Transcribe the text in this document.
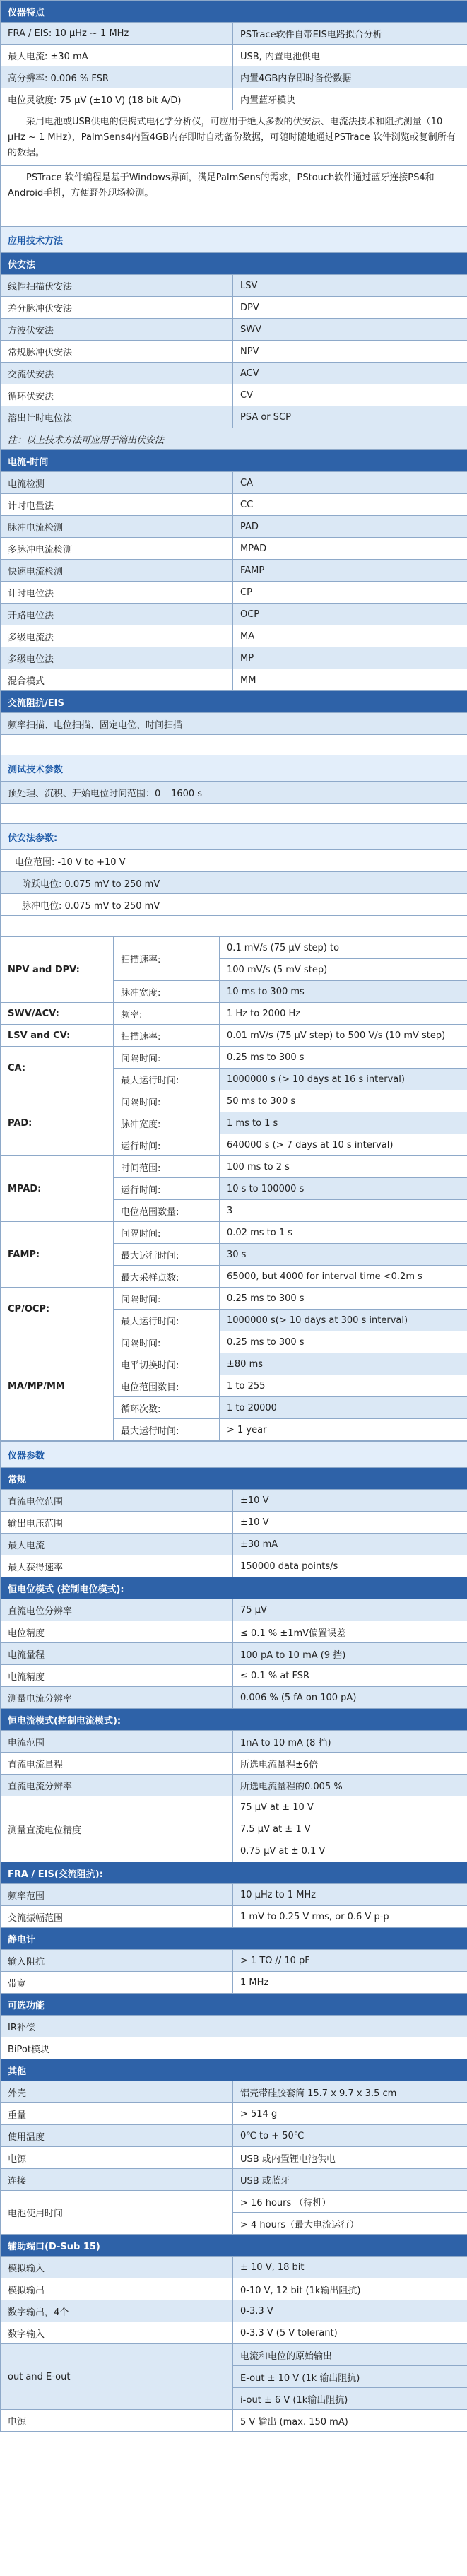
仪器特点	
FRA / EIS: 10 μHz ~ 1 MHz	PSTrace软件自带EIS电路拟合分析
最大电流: ±30 mA	USB, 内置电池供电
高分辨率: 0.006 % FSR	内置4GB内存即时备份数据
电位灵敏度: 75 μV (±10 V) (18 bit A/D)	内置蓝牙模块
采用电池或USB供电的便携式电化学分析仪，可应用于绝大多数的伏安法、电流法技术和阻抗测量（10 μHz ~ 1 MHz），PalmSens4内置4GB内存即时自动备份数据，可随时随地通过PSTrace 软件浏览或复制所有的数据。	
PSTrace 软件编程是基于Windows界面，满足PalmSens的需求，PStouch软件通过蓝牙连接PS4和Android手机，方便野外现场检测。	

应用技术方法	
伏安法	
线性扫描伏安法	LSV
差分脉冲伏安法	DPV
方波伏安法	SWV
常规脉冲伏安法	NPV
交流伏安法	ACV
循环伏安法	CV
溶出计时电位法	PSA or SCP
注：以上技术方法可应用于溶出伏安法	
电流-时间	
电流检测	CA
计时电量法	CC
脉冲电流检测	PAD
多脉冲电流检测	MPAD
快速电流检测	FAMP
计时电位法	CP
开路电位法	OCP
多级电流法	MA
多级电位法	MP
混合模式	MM
交流阻抗/EIS	
频率扫描、电位扫描、固定电位、时间扫描	

测试技术参数	
预处理、沉积、开始电位时间范围：0 – 1600 s	

伏安法参数:	
电位范围: -10 V to +10 V	
阶跃电位: 0.075 mV to 250 mV	
脉冲电位: 0.075 mV to 250 mV	

NPV and DPV:	扫描速率:	0.1 mV/s (75 μV step) to
		100 mV/s (5 mV step)
	脉冲宽度:	10 ms to 300 ms
SWV/ACV:	频率:	1 Hz to 2000 Hz
LSV and CV:	扫描速率:	0.01 mV/s (75 μV step) to 500 V/s (10 mV step)
CA:	间隔时间:	0.25 ms to 300 s
	最大运行时间:	1000000 s (> 10 days at 16 s interval)
PAD:	间隔时间:	50 ms to 300 s
	脉冲宽度:	1 ms to 1 s
	运行时间:	640000 s (> 7 days at 10 s interval)
MPAD:	时间范围:	100 ms to 2 s
	运行时间:	10 s to 100000 s
	电位范围数量:	3
FAMP:	间隔时间:	0.02 ms to 1 s
	最大运行时间:	30 s
	最大采样点数:	65000, but 4000 for interval time <0.2m s
CP/OCP:	间隔时间:	0.25 ms to 300 s
	最大运行时间:	1000000 s(> 10 days at 300 s interval)
MA/MP/MM	间隔时间:	0.25 ms to 300 s
	电平切换时间:	±80 ms
	电位范围数目:	1 to 255
	循环次数:	1 to 20000
	最大运行时间:	> 1 year
仪器参数	
常规	
直流电位范围	±10 V
输出电压范围	±10 V
最大电流	±30 mA
最大获得速率	150000 data points/s
恒电位模式 (控制电位模式):	
直流电位分辨率	75 μV
电位精度	≤ 0.1 % ±1mV偏置误差
电流量程	100 pA to 10 mA (9 挡)
电流精度	≤ 0.1 % at FSR
测量电流分辨率	0.006 % (5 fA on 100 pA)
恒电流模式(控制电流模式):	
电流范围	1nA to 10 mA (8 挡)
直流电流量程	所选电流量程±6倍
直流电流分辨率	所选电流量程的0.005 %
测量直流电位精度	75 μV at ± 10 V
	7.5 μV at ± 1 V
	0.75 μV at ± 0.1 V
FRA / EIS(交流阻抗):	
频率范围	10 μHz to 1 MHz
交流振幅范围	1 mV to 0.25 V rms, or 0.6 V p-p
静电计	
输入阻抗	> 1 TΩ // 10 pF
带宽	1 MHz
可选功能	
IR补偿	
BiPot模块	
其他	
外壳	铝壳带硅胶套筒 15.7 x 9.7 x 3.5 cm
重量	> 514 g
使用温度	0℃ to + 50℃
电源	USB 或内置锂电池供电
连接	USB 或蓝牙
电池使用时间	> 16 hours （待机）
	> 4 hours（最大电流运行）
辅助端口(D-Sub 15)	
模拟输入	± 10 V, 18 bit
模拟输出	0-10 V, 12 bit (1k输出阻抗)
数字输出，4个	0-3.3 V
数字输入	0-3.3 V (5 V tolerant)
out and E-out	电流和电位的原始输出
	E-out ± 10 V (1k 输出阻抗)
	i-out ± 6 V (1k输出阻抗)
电源	5 V 输出 (max. 150 mA)
